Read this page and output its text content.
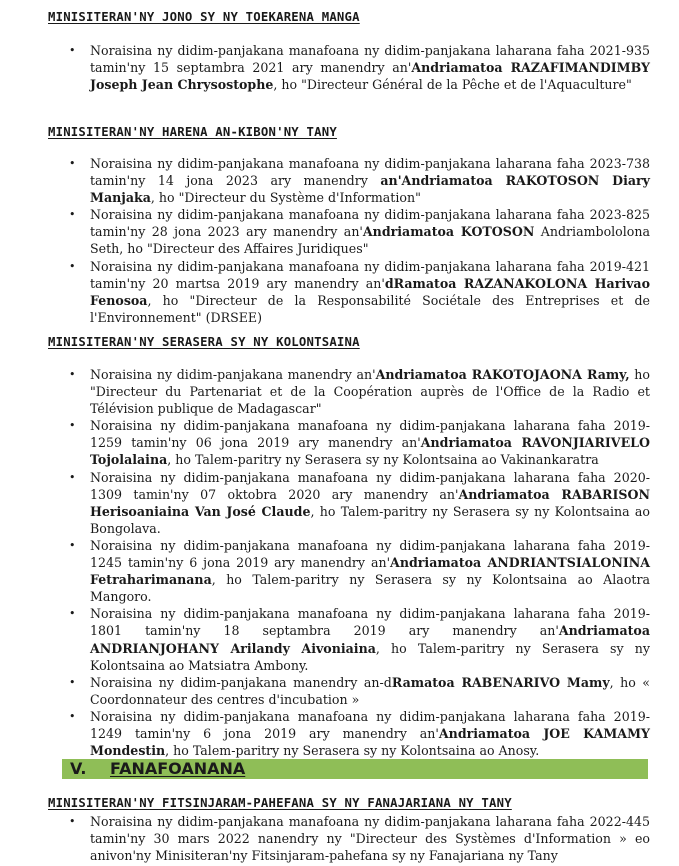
MINISITERAN'NY JONO SY NY TOEKARENA MANGA
• Noraisina ny didim-panjakana manafoana ny didim-panjakana laharana faha 2021-935 tamin'ny 15 septambra 2021 ary manendry an'Andriamatoa RAZAFIMANDIMBY Joseph Jean Chrysostophe, ho "Directeur Général de la Pêche et de l'Aquaculture"
MINISITERAN'NY HARENA AN-KIBON'NY TANY
• Noraisina ny didim-panjakana manafoana ny didim-panjakana laharana faha 2023-738 tamin'ny 14 jona 2023 ary manendry an'Andriamatoa RAKOTOSON Diary Manjaka, ho "Directeur du Système d'Information"
• Noraisina ny didim-panjakana manafoana ny didim-panjakana laharana faha 2023-825 tamin'ny 28 jona 2023 ary manendry an'Andriamatoa KOTOSON Andriambololona Seth, ho "Directeur des Affaires Juridiques"
• Noraisina ny didim-panjakana manafoana ny didim-panjakana laharana faha 2019-421 tamin'ny 20 martsa 2019 ary manendry an'dRamatoa RAZANAKOLONA Harivao Fenosoa, ho "Directeur de la Responsabilité Sociétale des Entreprises et de l'Environnement" (DRSEE)
MINISITERAN'NY SERASERA SY NY KOLONTSAINA
• Noraisina ny didim-panjakana manendry an'Andriamatoa RAKOTOJAONA Ramy, ho "Directeur du Partenariat et de la Coopération auprès de l'Office de la Radio et Télévision publique de Madagascar"
• Noraisina ny didim-panjakana manafoana ny didim-panjakana laharana faha 2019-1259 tamin'ny 06 jona 2019 ary manendry an'Andriamatoa RAVONJIARIVELO Tojolalaina, ho Talem-paritry ny Serasera sy ny Kolontsaina ao Vakinankaratra
• Noraisina ny didim-panjakana manafoana ny didim-panjakana laharana faha 2020-1309 tamin'ny 07 oktobra 2020 ary manendry an'Andriamatoa RABARISON Herisoaniaina Van José Claude, ho Talem-paritry ny Serasera sy ny Kolontsaina ao Bongolava.
• Noraisina ny didim-panjakana manafoana ny didim-panjakana laharana faha 2019-1245 tamin'ny 6 jona 2019 ary manendry an'Andriamatoa ANDRIANTSIALONINA Fetraharimanana, ho Talem-paritry ny Serasera sy ny Kolontsaina ao Alaotra Mangoro.
• Noraisina ny didim-panjakana manafoana ny didim-panjakana laharana faha 2019-1801 tamin'ny 18 septambra 2019 ary manendry an'Andriamatoa ANDRIANJOHANY Arilandy Aivoniaina, ho Talem-paritry ny Serasera sy ny Kolontsaina ao Matsiatra Ambony.
• Noraisina ny didim-panjakana manendry an-dRamatoa RABENARIVO Mamy, ho « Coordonnateur des centres d'incubation »
• Noraisina ny didim-panjakana manafoana ny didim-panjakana laharana faha 2019-1249 tamin'ny 6 jona 2019 ary manendry an'Andriamatoa JOE KAMAMY Mondestin, ho Talem-paritry ny Serasera sy ny Kolontsaina ao Anosy.
V. FANAFOANANA
MINISITERAN'NY FITSINJARAM-PAHEFANA SY NY FANAJARIANA NY TANY
• Noraisina ny didim-panjakana manafoana ny didim-panjakana laharana faha 2022-445 tamin'ny 30 mars 2022 nanendry ny "Directeur des Systèmes d'Information » eo anivon'ny Minisiteran'ny Fitsinjaram-pahefana sy ny Fanajariana ny Tany
